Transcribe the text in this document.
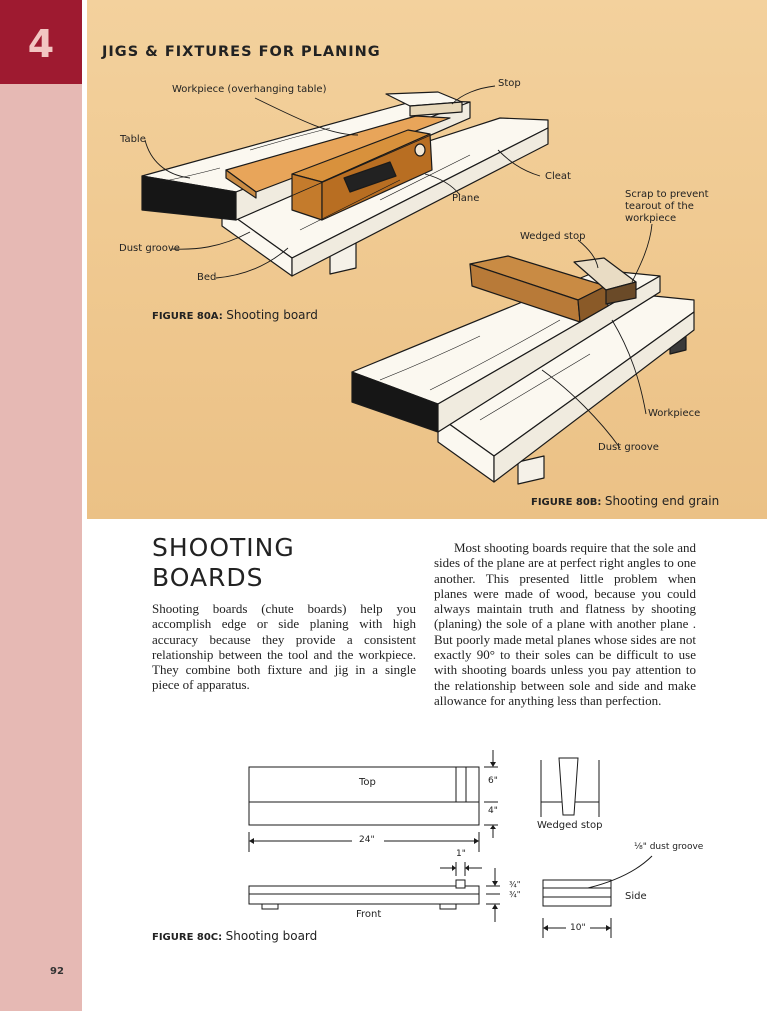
4
92
JIGS & FIXTURES FOR PLANING
Workpiece (overhanging table)
Stop
Table
Cleat
Plane
Dust groove
Bed
FIGURE 80A: Shooting board
Wedged stop
Scrap to prevent
tearout of the
workpiece
Workpiece
Dust groove
FIGURE 80B: Shooting end grain
SHOOTING
BOARDS

Shooting boards (chute boards) help you accomplish edge or side planing with high accuracy because they provide a consistent relationship between the tool and the workpiece. They combine both fixture and jig in a single piece of apparatus.

Most shooting boards require that the sole and sides of the plane are at perfect right angles to one another. This presented little problem when planes were made of wood, because you could always maintain truth and flatness by shooting (planing) the sole of a plane with another plane . But poorly made metal planes whose sides are not exactly 90° to their soles can be difficult to use with shooting boards unless you pay attention to the relationship between sole and side and make allowance for anything less than perfection.

Top	6"
4"
24"
1"
¾"
¾"
Front
Wedged stop
⅛" dust groove
Side
10"
FIGURE 80C: Shooting board
